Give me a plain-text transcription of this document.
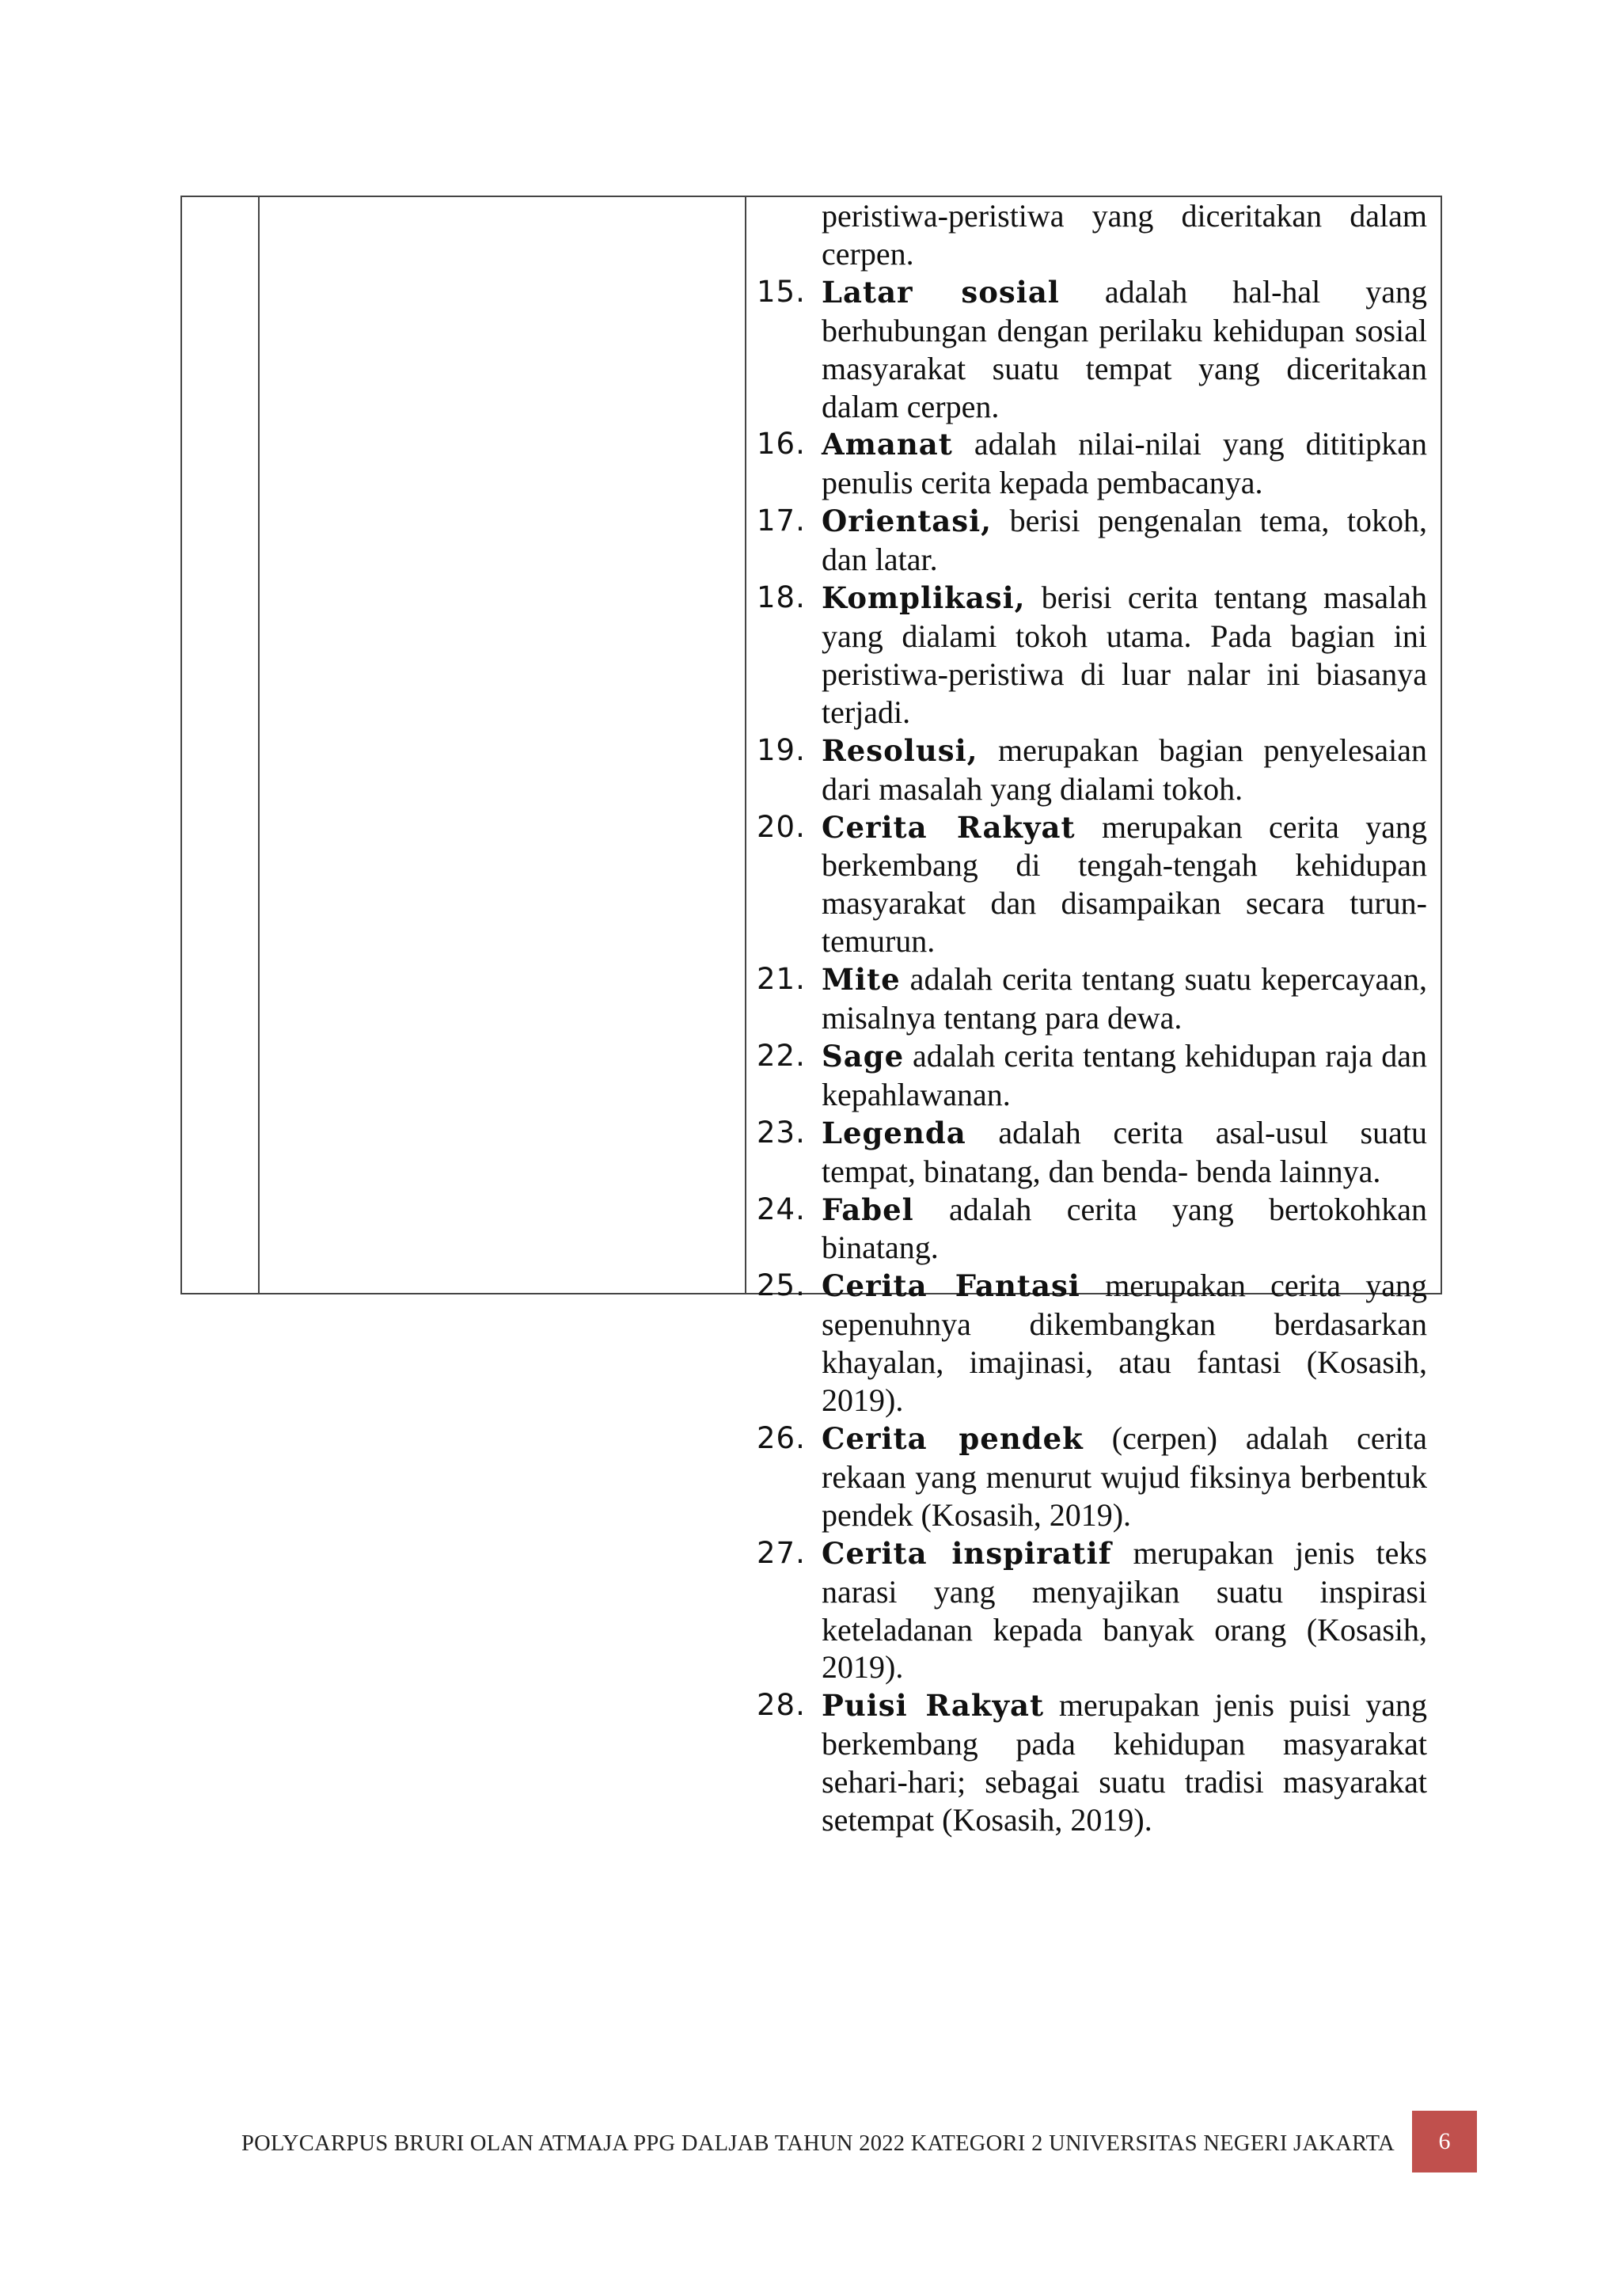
peristiwa-peristiwa yang diceritakan dalam cerpen.
15. Latar sosial adalah hal-hal yang berhubungan dengan perilaku kehidupan sosial masyarakat suatu tempat yang diceritakan dalam cerpen.
16. Amanat adalah nilai-nilai yang dititipkan penulis cerita kepada pembacanya.
17. Orientasi, berisi pengenalan tema, tokoh, dan latar.
18. Komplikasi, berisi cerita tentang masalah yang dialami tokoh utama. Pada bagian ini peristiwa-peristiwa di luar nalar ini biasanya terjadi.
19. Resolusi, merupakan bagian penyelesaian dari masalah yang dialami tokoh.
20. Cerita Rakyat merupakan cerita yang berkembang di tengah-tengah kehidupan masyarakat dan disampaikan secara turun-temurun.
21. Mite adalah cerita tentang suatu kepercayaan, misalnya tentang para dewa.
22. Sage adalah cerita tentang kehidupan raja dan kepahlawanan.
23. Legenda adalah cerita asal-usul suatu tempat, binatang, dan benda- benda lainnya.
24. Fabel adalah cerita yang bertokohkan binatang.
25. Cerita Fantasi merupakan cerita yang sepenuhnya dikembangkan berdasarkan khayalan, imajinasi, atau fantasi (Kosasih, 2019).
26. Cerita pendek (cerpen) adalah cerita rekaan yang menurut wujud fiksinya berbentuk pendek (Kosasih, 2019).
27. Cerita inspiratif merupakan jenis teks narasi yang menyajikan suatu inspirasi keteladanan kepada banyak orang (Kosasih, 2019).
28. Puisi Rakyat merupakan jenis puisi yang berkembang pada kehidupan masyarakat sehari-hari; sebagai suatu tradisi masyarakat setempat (Kosasih, 2019).
POLYCARPUS BRURI OLAN ATMAJA PPG DALJAB TAHUN 2022 KATEGORI 2 UNIVERSITAS NEGERI JAKARTA 6
